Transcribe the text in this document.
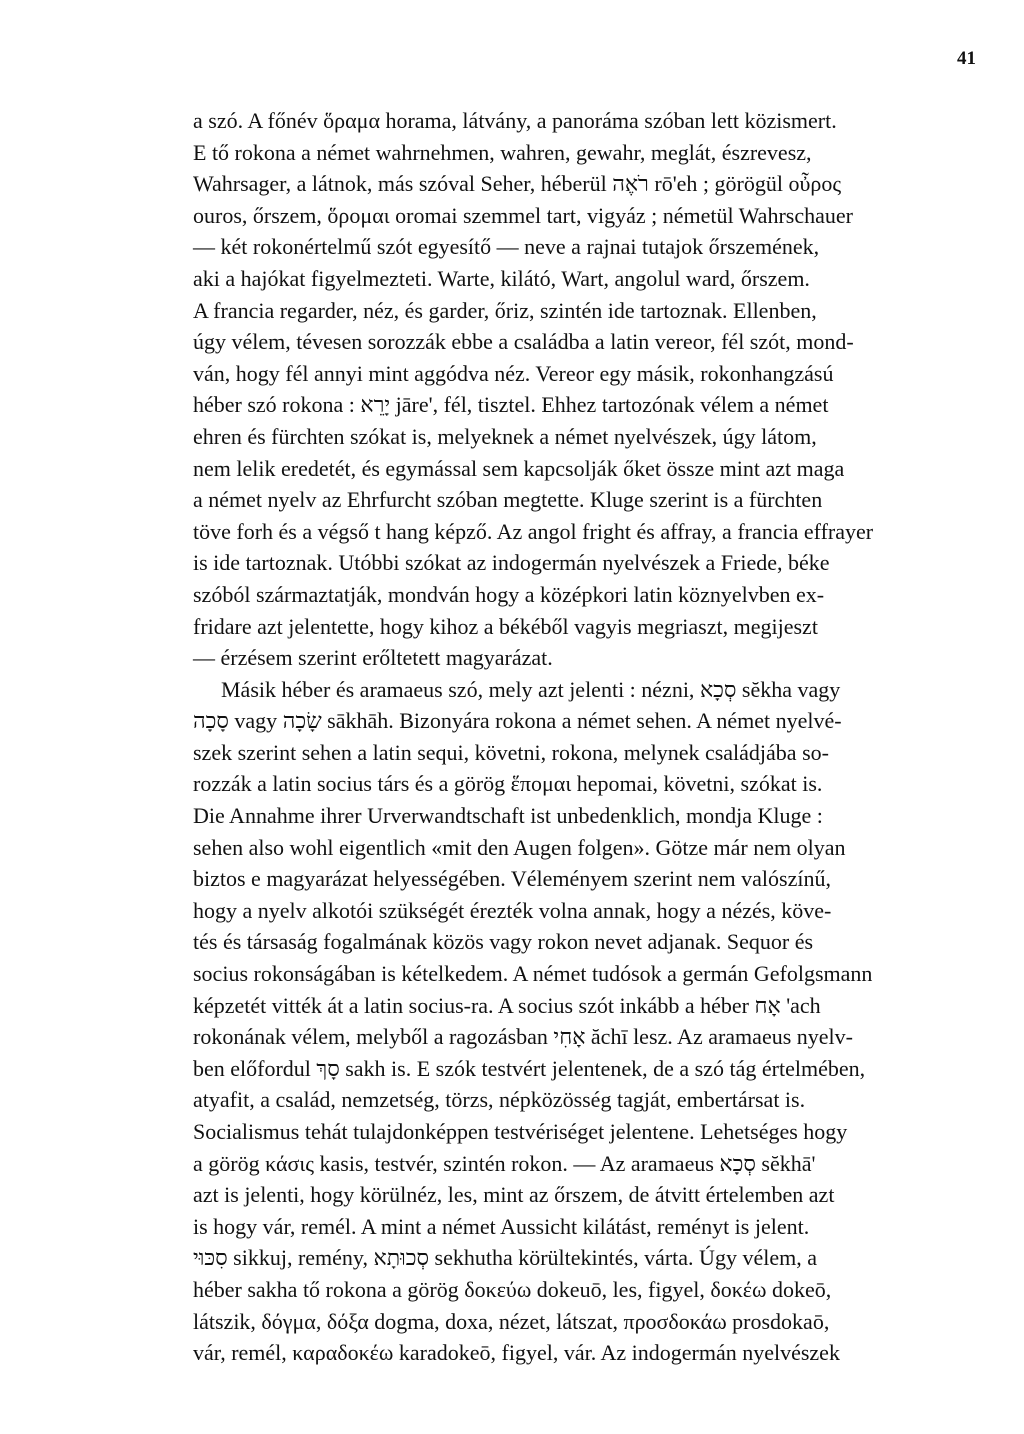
41
a szó. A főnév ὅραμα horama, látvány, a panoráma szóban lett közismert.
E tő rokona a német wahrnehmen, wahren, gewahr, meglát, észrevesz,
Wahrsager, a látnok, más szóval Seher, héberül רֹאֶה rō'eh ; görögül οὖρος
ouros, őrszem, ὅρομαι oromai szemmel tart, vigyáz ; németül Wahrschauer
— két rokonértelmű szót egyesítő — neve a rajnai tutajok őrszemének,
aki a hajókat figyelmezteti. Warte, kilátó, Wart, angolul ward, őrszem.
A francia regarder, néz, és garder, őriz, szintén ide tartoznak. Ellenben,
úgy vélem, tévesen sorozzák ebbe a családba a latin vereor, fél szót, mond-
ván, hogy fél annyi mint aggódva néz. Vereor egy másik, rokonhangzású
héber szó rokona : יָרֵא jāre', fél, tisztel. Ehhez tartozónak vélem a német
ehren és fürchten szókat is, melyeknek a német nyelvészek, úgy látom,
nem lelik eredetét, és egymással sem kapcsolják őket össze mint azt maga
a német nyelv az Ehrfurcht szóban megtette. Kluge szerint is a fürchten
töve forh és a végső t hang képző. Az angol fright és affray, a francia effrayer
is ide tartoznak. Utóbbi szókat az indogermán nyelvészek a Friede, béke
szóból származtatják, mondván hogy a középkori latin köznyelvben ex-
fridare azt jelentette, hogy kihoz a békéből vagyis megriaszt, megijeszt
— érzésem szerint erőltetett magyarázat.
Másik héber és aramaeus szó, mely azt jelenti : nézni, סְכָא sĕkha vagy
סָכָה vagy שָׂכָה sākhāh. Bizonyára rokona a német sehen. A német nyelvé-
szek szerint sehen a latin sequi, követni, rokona, melynek családjába so-
rozzák a latin socius társ és a görög ἕπομαι hepomai, követni, szókat is.
Die Annahme ihrer Urverwandtschaft ist unbedenklich, mondja Kluge :
sehen also wohl eigentlich «mit den Augen folgen». Götze már nem olyan
biztos e magyarázat helyességében. Véleményem szerint nem valószínű,
hogy a nyelv alkotói szükségét érezték volna annak, hogy a nézés, köve-
tés és társaság fogalmának közös vagy rokon nevet adjanak. Sequor és
socius rokonságában is kételkedem. A német tudósok a germán Gefolgsmann
képzetét vitték át a latin socius-ra. A socius szót inkább a héber אָח 'ach
rokonának vélem, melyből a ragozásban אָחִי ăchī lesz. Az aramaeus nyelv-
ben előfordul סָךְ sakh is. E szók testvért jelentenek, de a szó tág értelmében,
atyafit, a család, nemzetség, törzs, népközösség tagját, embertársat is.
Socialismus tehát tulajdonképpen testvériséget jelentene. Lehetséges hogy
a görög κάσις kasis, testvér, szintén rokon. — Az aramaeus סְכָא sĕkhā'
azt is jelenti, hogy körülnéz, les, mint az őrszem, de átvitt értelemben azt
is hogy vár, remél. A mint a német Aussicht kilátást, reményt is jelent.
סִכּוּי sikkuj, remény, סְכוּתָא sekhutha körültekintés, várta. Úgy vélem, a
héber sakha tő rokona a görög δοκεύω dokeuō, les, figyel, δοκέω dokeō,
látszik, δόγμα, δόξα dogma, doxa, nézet, látszat, προσδοκάω prosdokaō,
vár, remél, καραδοκέω karadokeō, figyel, vár. Az indogermán nyelvészek
